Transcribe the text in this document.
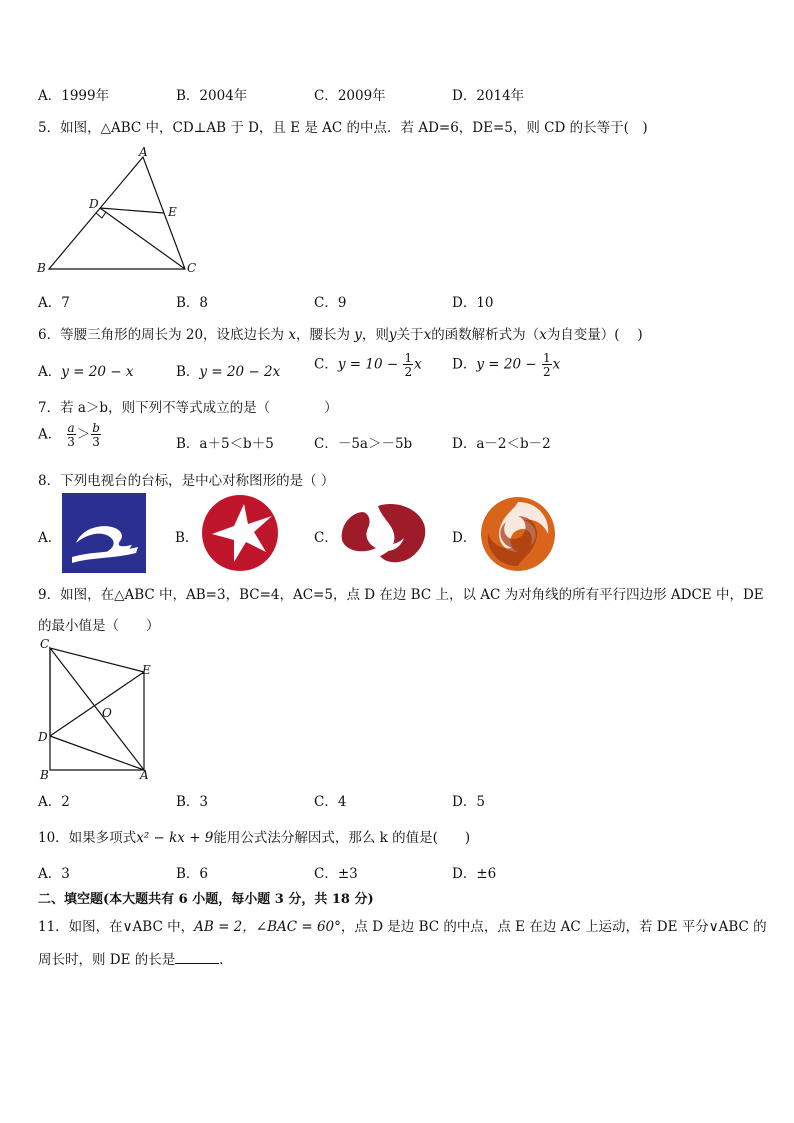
A．1999年	B．2004年	C．2009年	D．2014年
5．如图，△ABC 中，CD⊥AB 于 D，且 E 是 AC 的中点．若 AD=6，DE=5，则 CD 的长等于(　)
A
D
E
B	C
A．7	B．8	C．9	D．10
6．等腰三角形的周长为 20，设底边长为 x，腰长为 y，则y关于x的函数解析式为（x为自变量）(　 )
A．y = 20 − x	B．y = 20 − 2x	C．$y = 10 - \frac{1}{2}$ x D．$y = 20 - \frac{1}{2}$ x
7．若 a＞b，则下列不等式成立的是（　　　　）
A． $\frac{a}{3} > \frac{b}{3}$	B．a＋5＜b＋5	C．－5a＞－5b	D．a－2＜b－2
8．下列电视台的台标，是中心对称图形的是（ ）
A．	B．	C．	D．
9．如图，在△ABC 中，AB=3，BC=4，AC=5，点 D 在边 BC 上，以 AC 为对角线的所有平行四边形 ADCE 中，DE
的最小值是（　　）
C
E
O
D
B	A
A．2	B．3	C．4	D．5
10．如果多项式x² − kx + 9能用公式法分解因式，那么 k 的值是(　　)
A．3	B．6	C．±3	D．±6
二、填空题(本大题共有 6 小题，每小题 3 分，共 18 分)
11．如图，在∨ABC 中，AB = 2，∠BAC = 60°，点 D 是边 BC 的中点，点 E 在边 AC 上运动，若 DE 平分∨ABC 的
周长时，则 DE 的长是	．
